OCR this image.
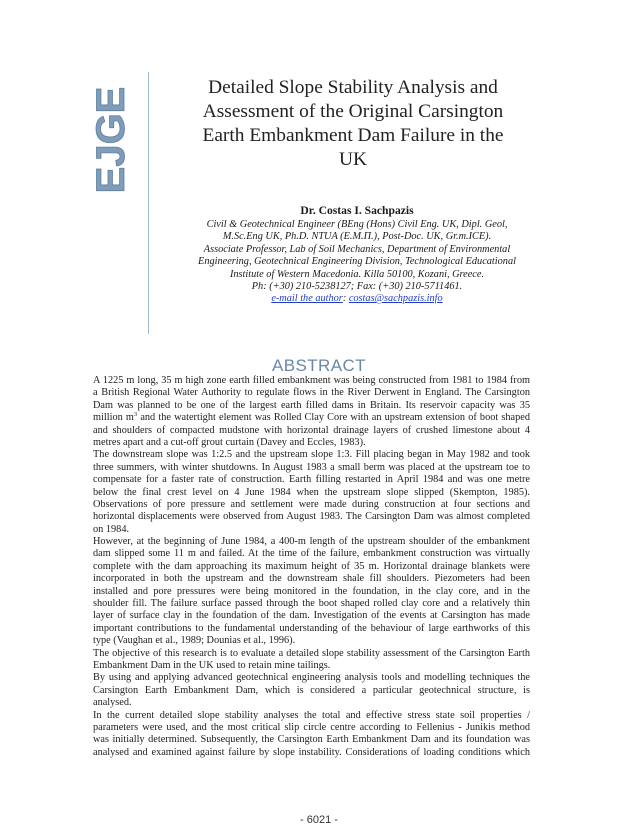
EJGE	Detailed Slope Stability Analysis and
Assessment of the Original Carsington
Earth Embankment Dam Failure in the
UK
Dr. Costas I. Sachpazis
Civil & Geotechnical Engineer (BEng (Hons) Civil Eng. UK, Dipl. Geol,
M.Sc.Eng UK, Ph.D. NTUA (E.M.Π.), Post-Doc. UK, Gr.m.ICE).
Associate Professor, Lab of Soil Mechanics, Department of Environmental
Engineering, Geotechnical Engineering Division, Technological Educational
Institute of Western Macedonia. Killa 50100, Kozani, Greece.
Ph: (+30) 210-5238127; Fax: (+30) 210-5711461.
e-mail the author: costas@sachpazis.info
ABSTRACT
A 1225 m long, 35 m high zone earth filled embankment was being constructed from 1981 to 1984 from
a British Regional Water Authority to regulate flows in the River Derwent in England. The Carsington
Dam was planned to be one of the largest earth filled dams in Britain. Its reservoir capacity was 35
million $m^3$ and the watertight element was Rolled Clay Core with an upstream extension of boot shaped
and shoulders of compacted mudstone with horizontal drainage layers of crushed limestone about 4
metres apart and a cut-off grout curtain (Davey and Eccles, 1983).
The downstream slope was 1:2.5 and the upstream slope 1:3. Fill placing began in May 1982 and took
three summers, with winter shutdowns. In August 1983 a small berm was placed at the upstream toe to
compensate for a faster rate of construction. Earth filling restarted in April 1984 and was one metre
below the final crest level on 4 June 1984 when the upstream slope slipped (Skempton, 1985).
Observations of pore pressure and settlement were made during construction at four sections and
horizontal displacements were observed from August 1983. The Carsington Dam was almost completed
on 1984.
However, at the beginning of June 1984, a 400-m length of the upstream shoulder of the embankment
dam slipped some 11 m and failed. At the time of the failure, embankment construction was virtually
complete with the dam approaching its maximum height of 35 m. Horizontal drainage blankets were
incorporated in both the upstream and the downstream shale fill shoulders. Piezometers had been
installed and pore pressures were being monitored in the foundation, in the clay core, and in the
shoulder fill. The failure surface passed through the boot shaped rolled clay core and a relatively thin
layer of surface clay in the foundation of the dam. Investigation of the events at Carsington has made
important contributions to the fundamental understanding of the behaviour of large earthworks of this
type (Vaughan et al., 1989; Dounias et al., 1996).
The objective of this research is to evaluate a detailed slope stability assessment of the Carsington Earth
Embankment Dam in the UK used to retain mine tailings.
By using and applying advanced geotechnical engineering analysis tools and modelling techniques the
Carsington Earth Embankment Dam, which is considered a particular geotechnical structure, is
analysed.
In the current detailed slope stability analyses the total and effective stress state soil properties /
parameters were used, and the most critical slip circle centre according to Fellenius - Junikis method
was initially determined. Subsequently, the Carsington Earth Embankment Dam and its foundation was
analysed and examined against failure by slope instability. Considerations of loading conditions which
- 6021 -
